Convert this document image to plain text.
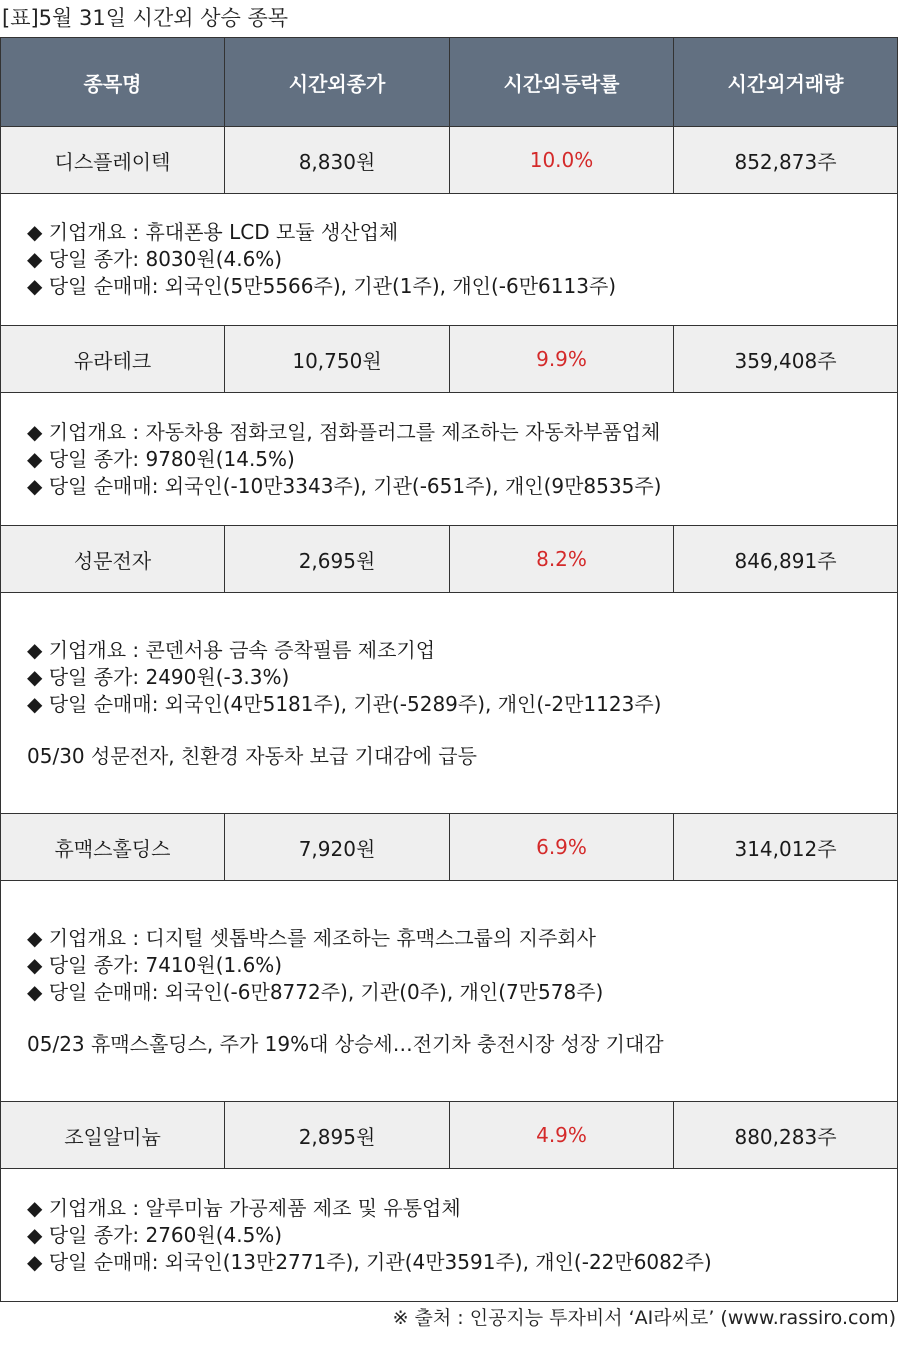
[표]5월 31일 시간외 상승 종목
종목명	시간외종가	시간외등락률	시간외거래량
디스플레이텍	8,830원	10.0%	852,873주
◆ 기업개요 : 휴대폰용 LCD 모듈 생산업체
◆ 당일 종가: 8030원(4.6%)
◆ 당일 순매매: 외국인(5만5566주), 기관(1주), 개인(-6만6113주)
유라테크	10,750원	9.9%	359,408주
◆ 기업개요 : 자동차용 점화코일, 점화플러그를 제조하는 자동차부품업체
◆ 당일 종가: 9780원(14.5%)
◆ 당일 순매매: 외국인(-10만3343주), 기관(-651주), 개인(9만8535주)
성문전자	2,695원	8.2%	846,891주
◆ 기업개요 : 콘덴서용 금속 증착필름 제조기업
◆ 당일 종가: 2490원(-3.3%)
◆ 당일 순매매: 외국인(4만5181주), 기관(-5289주), 개인(-2만1123주)
05/30 성문전자, 친환경 자동차 보급 기대감에 급등
휴맥스홀딩스	7,920원	6.9%	314,012주
◆ 기업개요 : 디지털 셋톱박스를 제조하는 휴맥스그룹의 지주회사
◆ 당일 종가: 7410원(1.6%)
◆ 당일 순매매: 외국인(-6만8772주), 기관(0주), 개인(7만578주)
05/23 휴맥스홀딩스, 주가 19%대 상승세…전기차 충전시장 성장 기대감
조일알미늄	2,895원	4.9%	880,283주
◆ 기업개요 : 알루미늄 가공제품 제조 및 유통업체
◆ 당일 종가: 2760원(4.5%)
◆ 당일 순매매: 외국인(13만2771주), 기관(4만3591주), 개인(-22만6082주)
※ 출처 : 인공지능 투자비서 ‘AI라씨로’ (www.rassiro.com)
